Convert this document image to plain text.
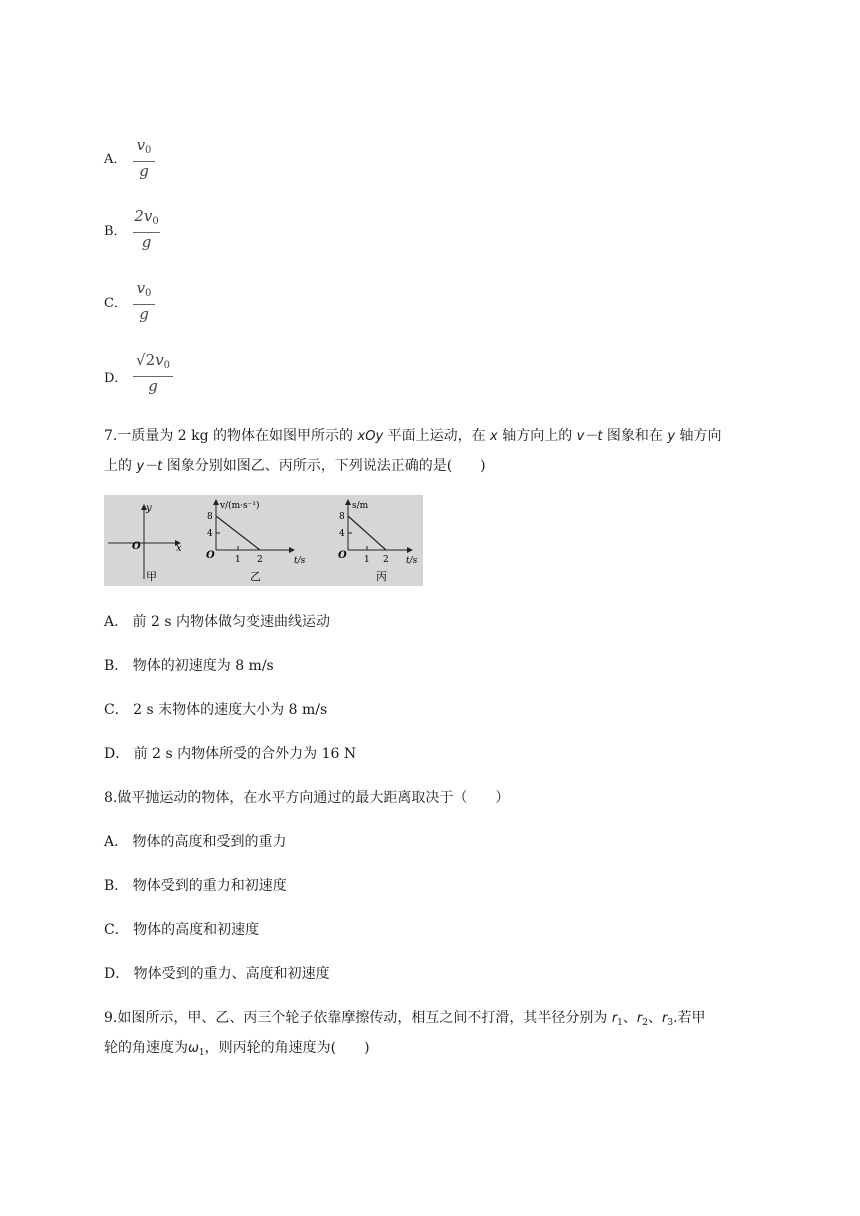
A．
$v_0$
g
B．
$2v_0$
g
C．
$v_0$
g
D．
$√2v_0$
g
7.一质量为 2 kg 的物体在如图甲所示的 xOy 平面上运动，在 x 轴方向上的 v－t 图象和在 y 轴方向
上的 y－t 图象分别如图乙、丙所示，下列说法正确的是(　　)
y
x
O
甲
v/(m·s⁻¹)
8
4
O 1 2	t/s
乙
s/m
8
4
O 1 2 t/s
丙
A． 前 2 s 内物体做匀变速曲线运动
B． 物体的初速度为 8 m/s
C． 2 s 末物体的速度大小为 8 m/s
D． 前 2 s 内物体所受的合外力为 16 N
8.做平抛运动的物体，在水平方向通过的最大距离取决于（　　）
A． 物体的高度和受到的重力
B． 物体受到的重力和初速度
C． 物体的高度和初速度
D． 物体受到的重力、高度和初速度
9.如图所示，甲、乙、丙三个轮子依靠摩擦传动，相互之间不打滑，其半径分别为 $r_1$、$r_2$、$r_3$.若甲
轮的角速度为$\omega_1$，则丙轮的角速度为(　　)
